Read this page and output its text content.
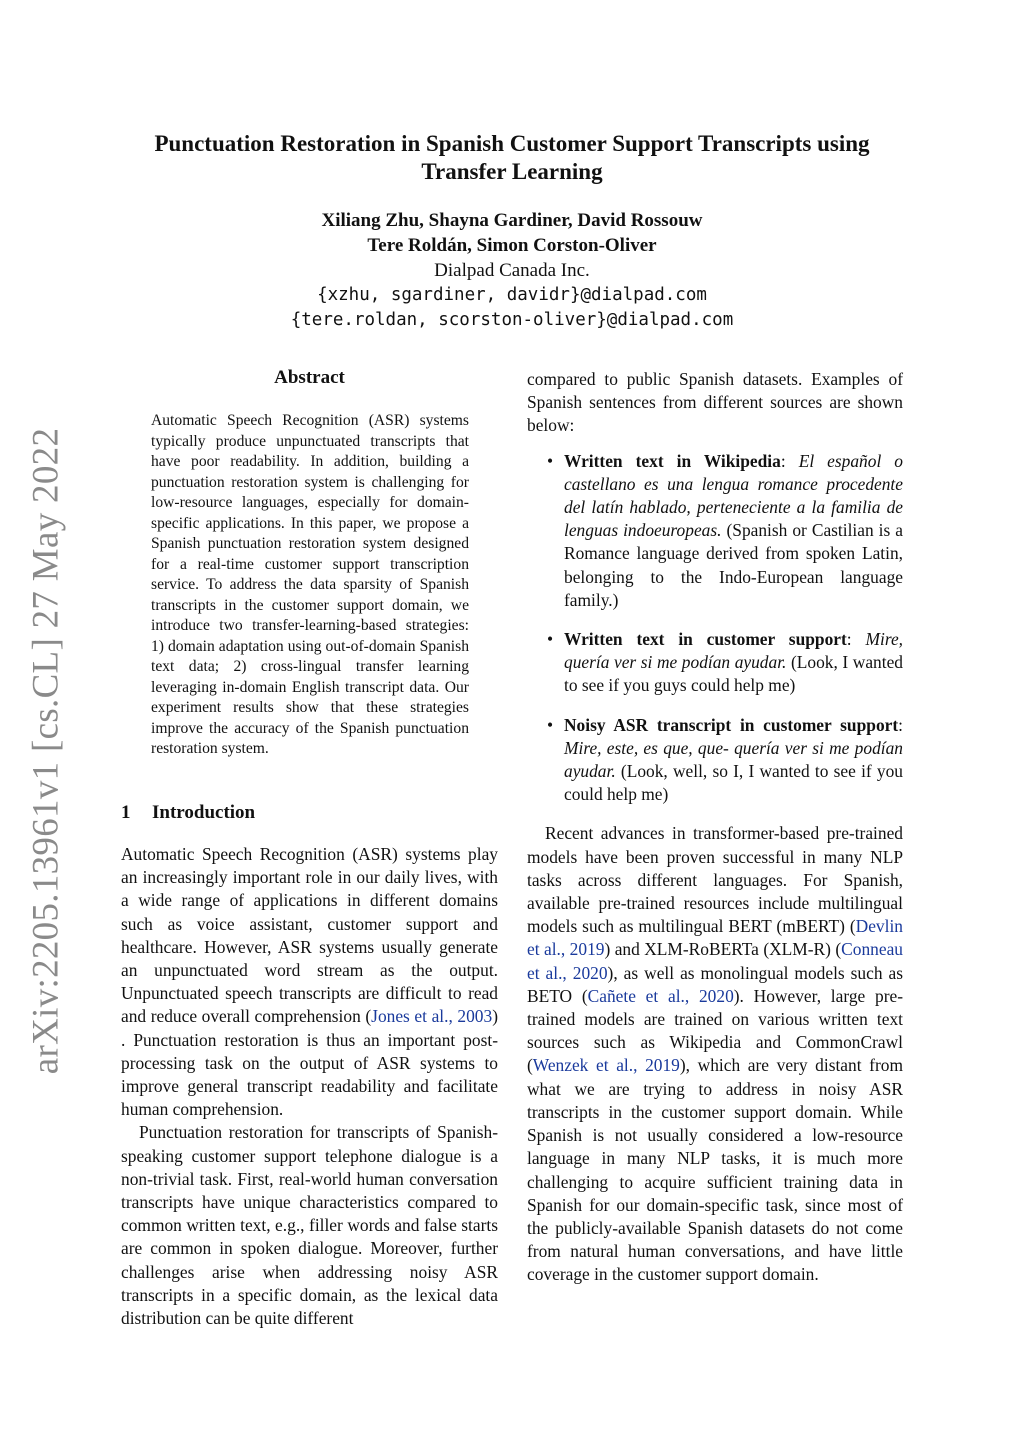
arXiv:2205.13961v1 [cs.CL] 27 May 2022
Punctuation Restoration in Spanish Customer Support Transcripts using
Transfer Learning
Xiliang Zhu, Shayna Gardiner, David Rossouw
Tere Roldán, Simon Corston-Oliver
Dialpad Canada Inc.
{xzhu, sgardiner, davidr}@dialpad.com
{tere.roldan, scorston-oliver}@dialpad.com
Abstract

Automatic Speech Recognition (ASR) systems typically produce unpunctuated transcripts that have poor readability. In addition, building a punctuation restoration system is challenging for low-resource languages, especially for domain-specific applications. In this paper, we propose a Spanish punctuation restoration system designed for a real-time customer support transcription service. To address the data sparsity of Spanish transcripts in the customer support domain, we introduce two transfer-learning-based strategies: 1) domain adaptation using out-of-domain Spanish text data; 2) cross-lingual transfer learning leveraging in-domain English transcript data. Our experiment results show that these strategies improve the accuracy of the Spanish punctuation restoration system.

1 Introduction

Automatic Speech Recognition (ASR) systems play an increasingly important role in our daily lives, with a wide range of applications in different domains such as voice assistant, customer support and healthcare. However, ASR systems usually generate an unpunctuated word stream as the output. Unpunctuated speech transcripts are difficult to read and reduce overall comprehension (Jones et al., 2003) . Punctuation restoration is thus an important post-processing task on the output of ASR systems to improve general transcript readability and facilitate human comprehension.

Punctuation restoration for transcripts of Spanish-speaking customer support telephone dialogue is a non-trivial task. First, real-world human conversation transcripts have unique characteristics compared to common written text, e.g., filler words and false starts are common in spoken dialogue. Moreover, further challenges arise when addressing noisy ASR transcripts in a specific domain, as the lexical data distribution can be quite different

compared to public Spanish datasets. Examples of Spanish sentences from different sources are shown below:

• Written text in Wikipedia: El español o castellano es una lengua romance procedente del latín hablado, perteneciente a la familia de lenguas indoeuropeas. (Spanish or Castilian is a Romance language derived from spoken Latin, belonging to the Indo-European language family.)
• Written text in customer support: Mire, quería ver si me podían ayudar. (Look, I wanted to see if you guys could help me)
• Noisy ASR transcript in customer support: Mire, este, es que, que- quería ver si me podían ayudar. (Look, well, so I, I wanted to see if you could help me)

Recent advances in transformer-based pre-trained models have been proven successful in many NLP tasks across different languages. For Spanish, available pre-trained resources include multilingual models such as multilingual BERT (mBERT) (Devlin et al., 2019) and XLM-RoBERTa (XLM-R) (Conneau et al., 2020), as well as monolingual models such as BETO (Cañete et al., 2020). However, large pre-trained models are trained on various written text sources such as Wikipedia and CommonCrawl (Wenzek et al., 2019), which are very distant from what we are trying to address in noisy ASR transcripts in the customer support domain. While Spanish is not usually considered a low-resource language in many NLP tasks, it is much more challenging to acquire sufficient training data in Spanish for our domain-specific task, since most of the publicly-available Spanish datasets do not come from natural human conversations, and have little coverage in the customer support domain.
